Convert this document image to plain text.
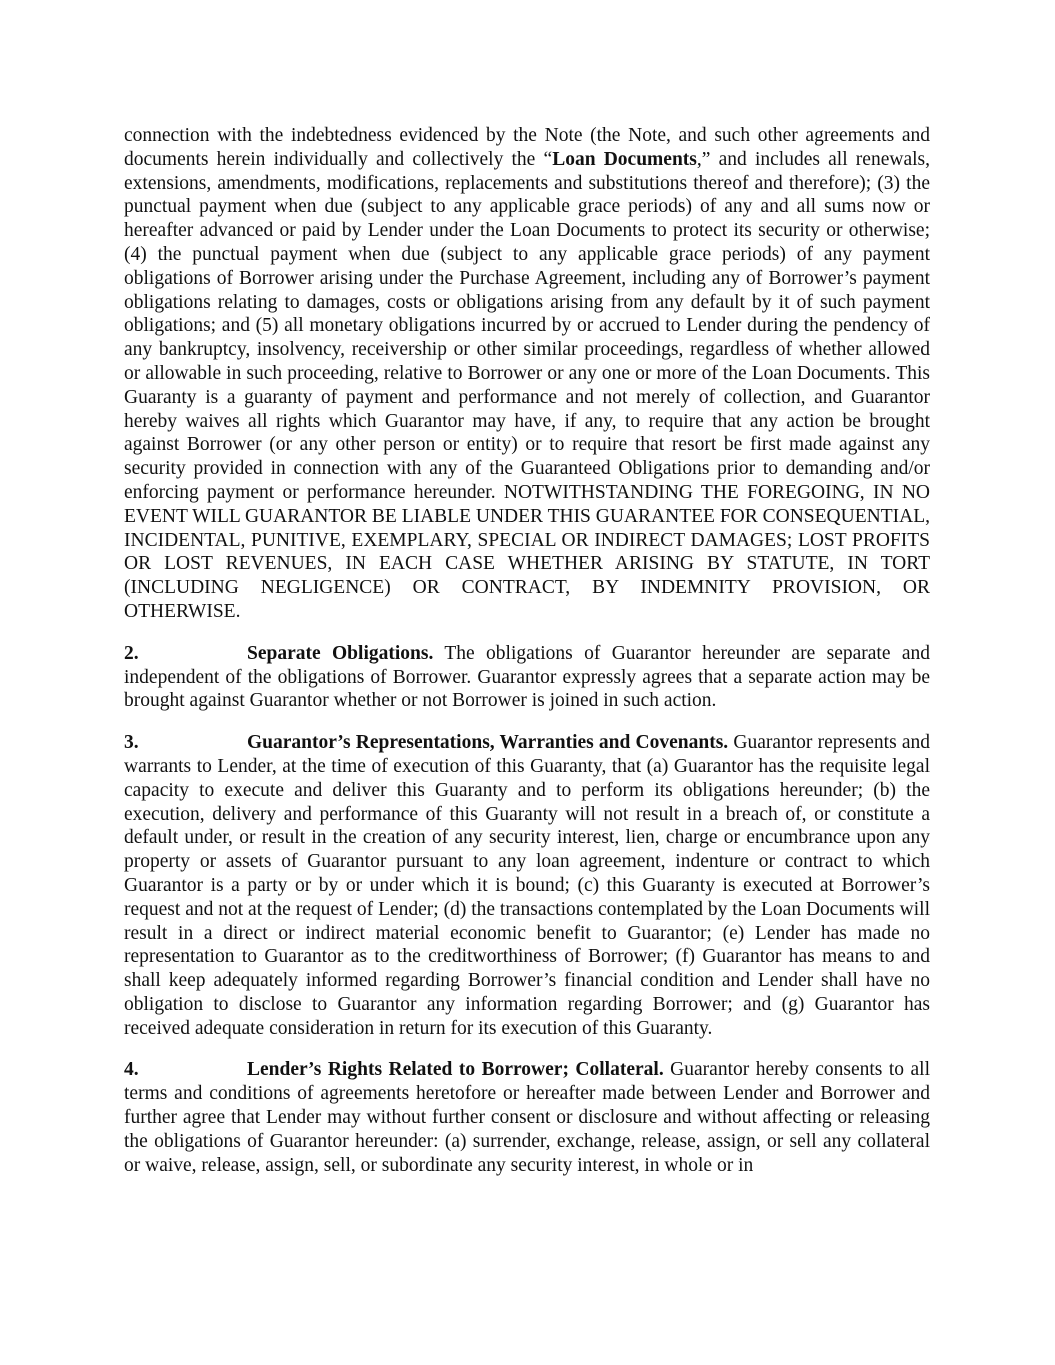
connection with the indebtedness evidenced by the Note (the Note, and such other agreements and documents herein individually and collectively the “Loan Documents,” and includes all renewals, extensions, amendments, modifications, replacements and substitutions thereof and therefore); (3) the punctual payment when due (subject to any applicable grace periods) of any and all sums now or hereafter advanced or paid by Lender under the Loan Documents to protect its security or otherwise; (4) the punctual payment when due (subject to any applicable grace periods) of any payment obligations of Borrower arising under the Purchase Agreement, including any of Borrower’s payment obligations relating to damages, costs or obligations arising from any default by it of such payment obligations; and (5) all monetary obligations incurred by or accrued to Lender during the pendency of any bankruptcy, insolvency, receivership or other similar proceedings, regardless of whether allowed or allowable in such proceeding, relative to Borrower or any one or more of the Loan Documents. This Guaranty is a guaranty of payment and performance and not merely of collection, and Guarantor hereby waives all rights which Guarantor may have, if any, to require that any action be brought against Borrower (or any other person or entity) or to require that resort be first made against any security provided in connection with any of the Guaranteed Obligations prior to demanding and/or enforcing payment or performance hereunder. NOTWITHSTANDING THE FOREGOING, IN NO EVENT WILL GUARANTOR BE LIABLE UNDER THIS GUARANTEE FOR CONSEQUENTIAL, INCIDENTAL, PUNITIVE, EXEMPLARY, SPECIAL OR INDIRECT DAMAGES; LOST PROFITS OR LOST REVENUES, IN EACH CASE WHETHER ARISING BY STATUTE, IN TORT (INCLUDING NEGLIGENCE) OR CONTRACT, BY INDEMNITY PROVISION, OR OTHERWISE.

2.	Separate Obligations. The obligations of Guarantor hereunder are separate and independent of the obligations of Borrower. Guarantor expressly agrees that a separate action may be brought against Guarantor whether or not Borrower is joined in such action.

3.	Guarantor’s Representations, Warranties and Covenants. Guarantor represents and warrants to Lender, at the time of execution of this Guaranty, that (a) Guarantor has the requisite legal capacity to execute and deliver this Guaranty and to perform its obligations hereunder; (b) the execution, delivery and performance of this Guaranty will not result in a breach of, or constitute a default under, or result in the creation of any security interest, lien, charge or encumbrance upon any property or assets of Guarantor pursuant to any loan agreement, indenture or contract to which Guarantor is a party or by or under which it is bound; (c) this Guaranty is executed at Borrower’s request and not at the request of Lender; (d) the transactions contemplated by the Loan Documents will result in a direct or indirect material economic benefit to Guarantor; (e) Lender has made no representation to Guarantor as to the creditworthiness of Borrower; (f) Guarantor has means to and shall keep adequately informed regarding Borrower’s financial condition and Lender shall have no obligation to disclose to Guarantor any information regarding Borrower; and (g) Guarantor has received adequate consideration in return for its execution of this Guaranty.

4.	Lender’s Rights Related to Borrower; Collateral. Guarantor hereby consents to all terms and conditions of agreements heretofore or hereafter made between Lender and Borrower and further agree that Lender may without further consent or disclosure and without affecting or releasing the obligations of Guarantor hereunder: (a) surrender, exchange, release, assign, or sell any collateral or waive, release, assign, sell, or subordinate any security interest, in whole or in
